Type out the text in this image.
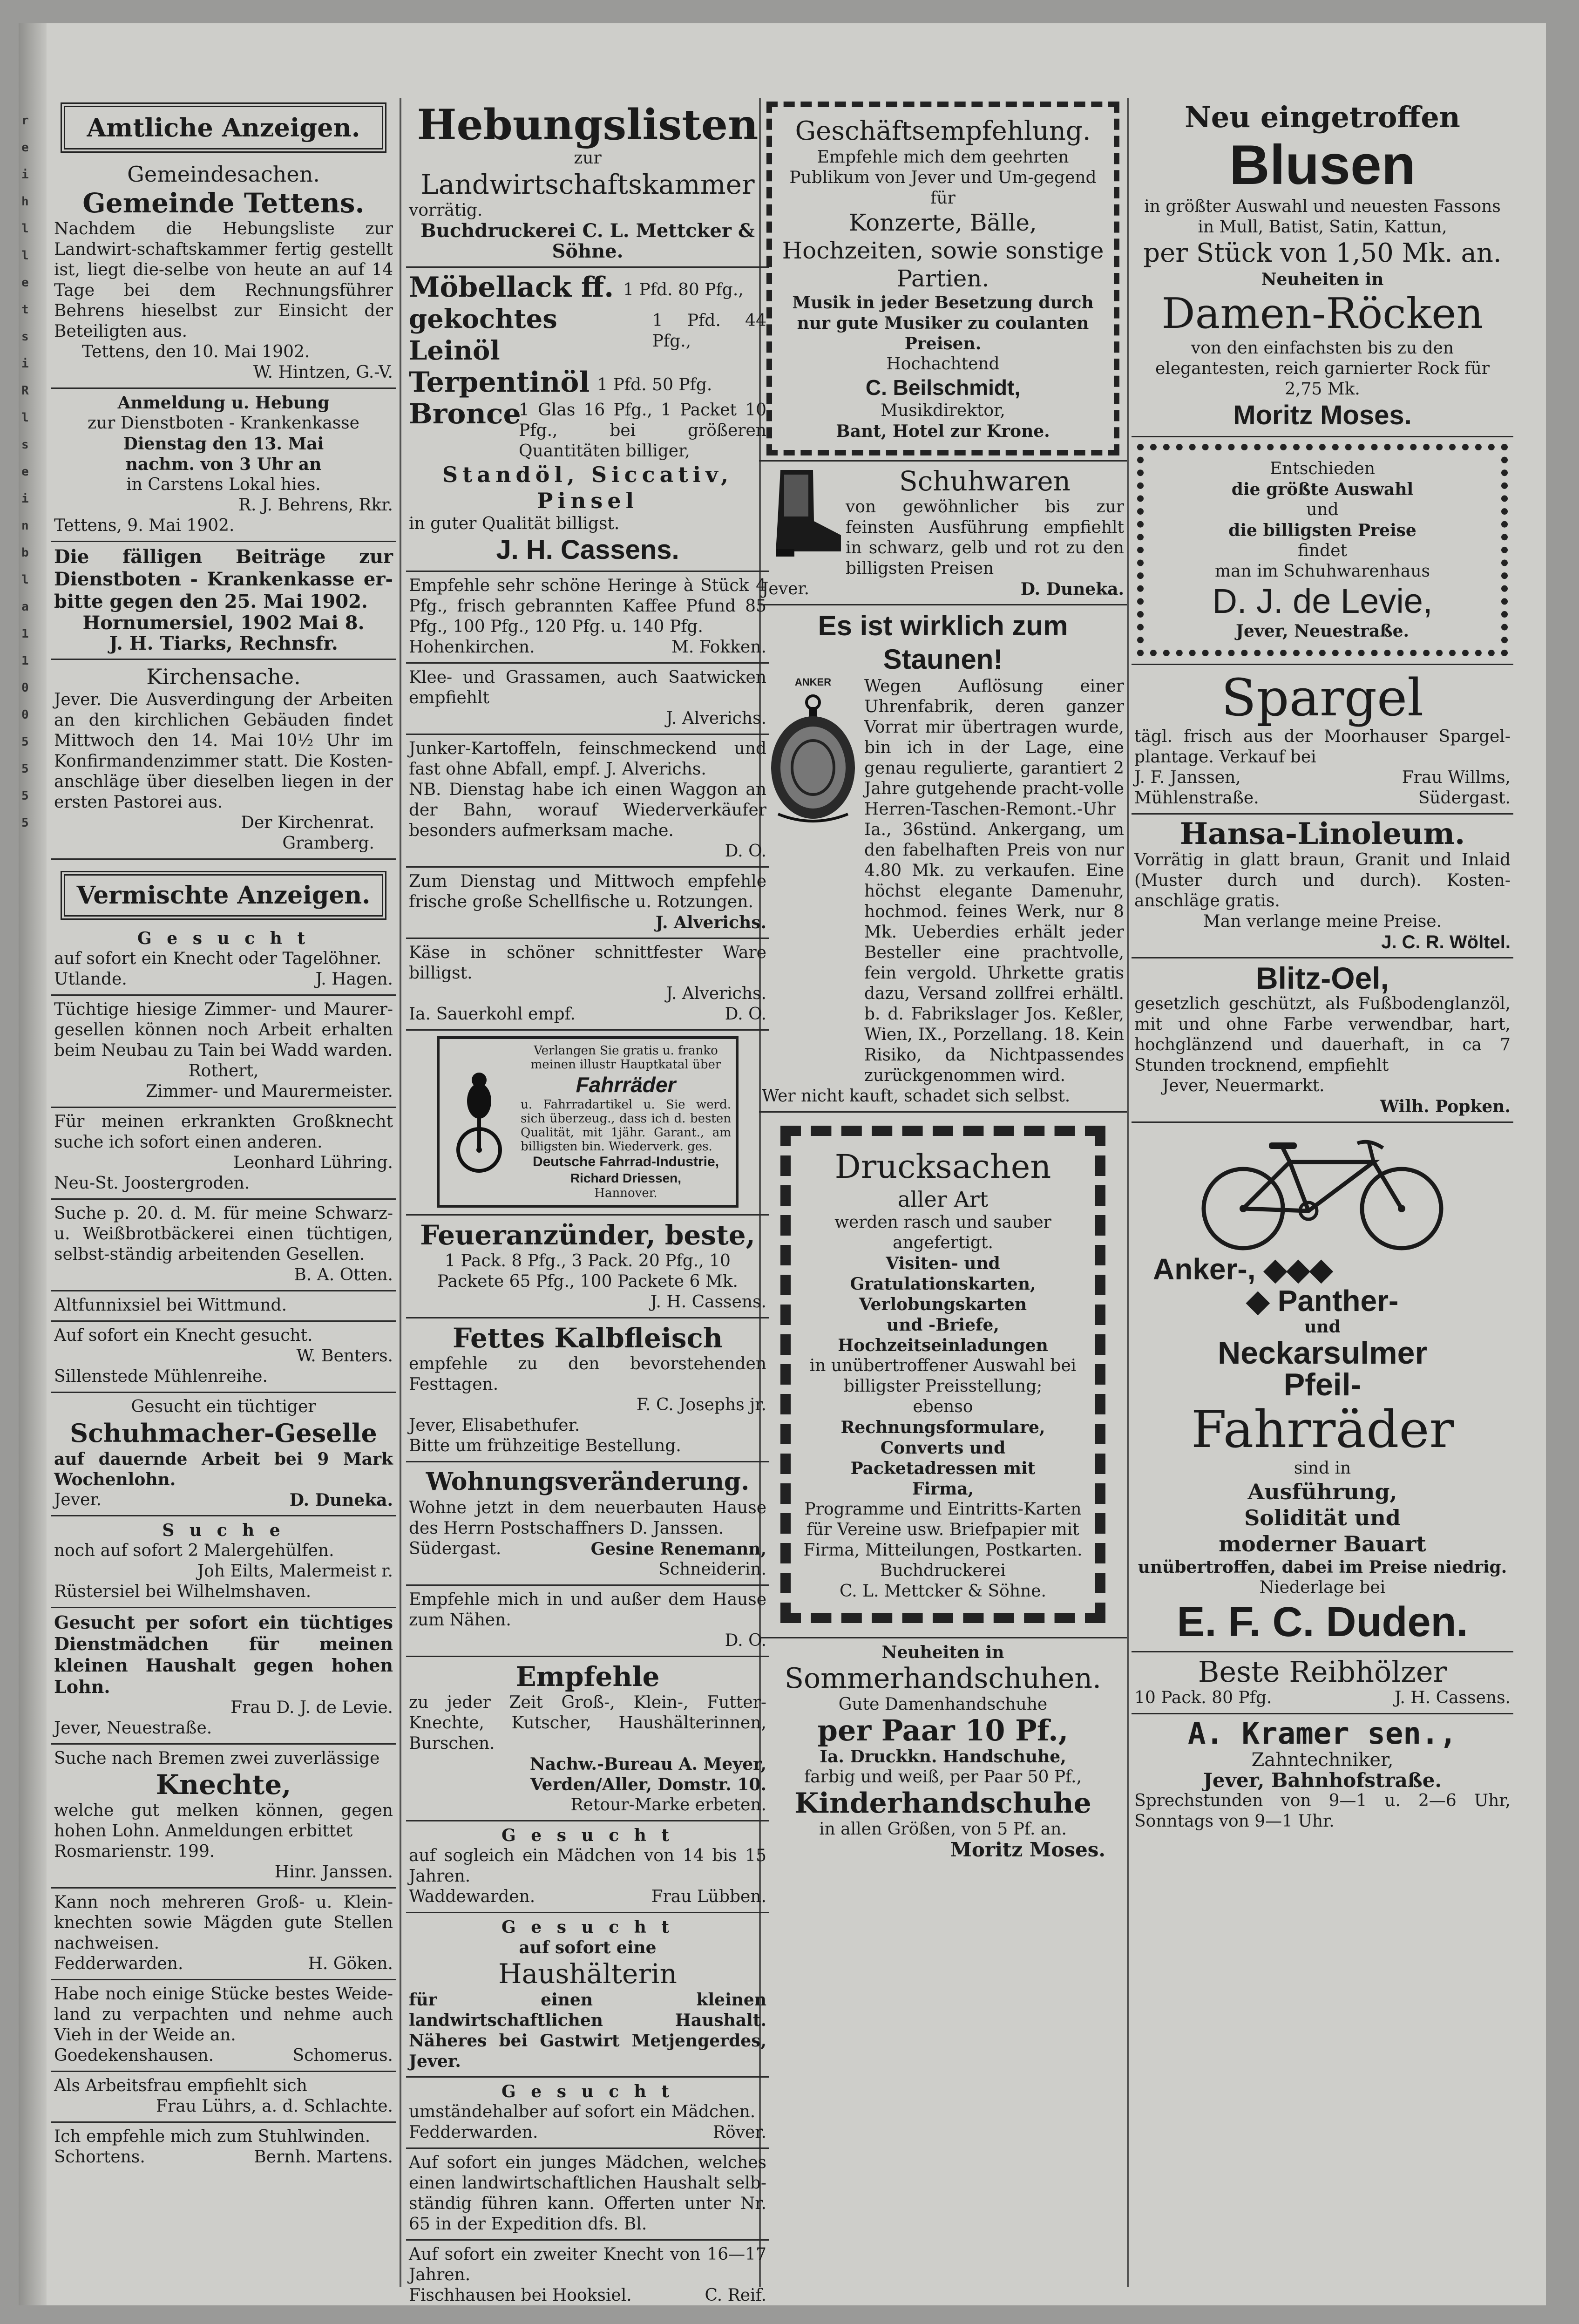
reihlletsiRlseinbla1 1 0 0 5 5 5 5
Amtliche Anzeigen.

Gemeindesachen.

Gemeinde Tettens.

Nachdem die Hebungsliste zur Landwirt-schaftskammer fertig gestellt ist, liegt die-selbe von heute an auf 14 Tage bei dem Rechnungsführer Behrens hieselbst zur Einsicht der Beteiligten aus.

Tettens, den 10. Mai 1902.

W. Hintzen, G.-V.

Anmeldung u. Hebung

zur Dienstboten - Krankenkasse

Dienstag den 13. Mai

nachm. von 3 Uhr an

in Carstens Lokal hies.

R. J. Behrens, Rkr.

Tettens, 9. Mai 1902.

Die fälligen Beiträge zur Dienstboten - Krankenkasse er-bitte gegen den 25. Mai 1902.

Hornumersiel, 1902 Mai 8.

J. H. Tiarks, Rechnsfr.

Kirchensache.

Jever. Die Ausverdingung der Arbeiten an den kirchlichen Gebäuden findet Mittwoch den 14. Mai 10½ Uhr im Konfirmandenzimmer statt. Die Kosten-anschläge über dieselben liegen in der ersten Pastorei aus.

Der Kirchenrat.

Gramberg.

Vermischte Anzeigen.

G e s u c h t

auf sofort ein Knecht oder Tagelöhner.

Utlande.	J. Hagen.

Tüchtige hiesige Zimmer- und Maurer-gesellen können noch Arbeit erhalten beim Neubau zu Tain bei Wadd warden.

Rothert,

Zimmer- und Maurermeister.

Für meinen erkrankten Großknecht suche ich sofort einen anderen.

Leonhard Lühring.

Neu-St. Joostergroden.

Suche p. 20. d. M. für meine Schwarz- u. Weißbrotbäckerei einen tüchtigen, selbst-ständig arbeitenden Gesellen.

B. A. Otten.

Altfunnixsiel bei Wittmund.

Auf sofort ein Knecht gesucht.

W. Benters.

Sillenstede Mühlenreihe.

Gesucht ein tüchtiger

Schuhmacher-Geselle

auf dauernde Arbeit bei 9 Mark Wochenlohn.

Jever.	D. Duneka.

S u c h e

noch auf sofort 2 Malergehülfen.

Joh Eilts, Malermeist r.

Rüstersiel bei Wilhelmshaven.

Gesucht per sofort ein tüchtiges Dienstmädchen für meinen kleinen Haushalt gegen hohen Lohn.

Frau D. J. de Levie.

Jever, Neuestraße.

Suche nach Bremen zwei zuverlässige

Knechte,

welche gut melken können, gegen hohen Lohn. Anmeldungen erbittet

Rosmarienstr. 199.

Hinr. Janssen.

Kann noch mehreren Groß- u. Klein-knechten sowie Mägden gute Stellen nachweisen.

Fedderwarden.	H. Göken.

Habe noch einige Stücke bestes Weide-land zu verpachten und nehme auch Vieh in der Weide an.

Goedekenshausen.	Schomerus.

Als Arbeitsfrau empfiehlt sich

Frau Lührs, a. d. Schlachte.

Ich empfehle mich zum Stuhlwinden.

Schortens.	Bernh. Martens.

Hebungslisten

zur

Landwirtschaftskammer

vorrätig.

Buchdruckerei C. L. Mettcker & Söhne.

Möbellack ff. 1 Pfd. 80 Pfg.,
gekochtes Leinöl
1 Pfd. 44 Pfg.,
Terpentinöl 1 Pfd. 50 Pfg.
Bronce
1 Glas 16 Pfg., 1 Packet 10 Pfg., bei größeren Quantitäten billiger,

Standöl, Siccativ,

Pinsel

in guter Qualität billigst.

J. H. Cassens.

Empfehle sehr schöne Heringe à Stück 4 Pfg., frisch gebrannten Kaffee Pfund 85 Pfg., 100 Pfg., 120 Pfg. u. 140 Pfg.

Hohenkirchen.	M. Fokken.

Klee- und Grassamen, auch Saatwicken empfiehlt

J. Alverichs.

Junker-Kartoffeln, feinschmeckend und fast ohne Abfall, empf. J. Alverichs.

NB. Dienstag habe ich einen Waggon an der Bahn, worauf Wiederverkäufer besonders aufmerksam mache.

D. O.

Zum Dienstag und Mittwoch empfehle frische große Schellfische u. Rotzungen.

J. Alverichs.

Käse in schöner schnittfester Ware billigst.

J. Alverichs.

Ia. Sauerkohl empf.	D. O.

Verlangen Sie gratis u. franko meinen illustr Hauptkatal über

Fahrräder

u. Fahrradartikel u. Sie werd. sich überzeug., dass ich d. besten Qualität, mit 1jähr. Garant., am billigsten bin. Wiederverk. ges.

Deutsche Fahrrad-Industrie,

Richard Driessen,

Hannover.

Feueranzünder, beste,

1 Pack. 8 Pfg., 3 Pack. 20 Pfg., 10 Packete 65 Pfg., 100 Packete 6 Mk.

J. H. Cassens.

Fettes Kalbfleisch

empfehle zu den bevorstehenden Festtagen.

F. C. Josephs jr.

Jever, Elisabethufer.

Bitte um frühzeitige Bestellung.

Wohnungsveränderung.

Wohne jetzt in dem neuerbauten Hause des Herrn Postschaffners D. Janssen.

Südergast.	Gesine Renemann,

Schneiderin.

Empfehle mich in und außer dem Hause zum Nähen.

D. O.

Empfehle

zu jeder Zeit Groß-, Klein-, Futter-Knechte, Kutscher, Haushälterinnen, Burschen.

Nachw.-Bureau A. Meyer,

Verden/Aller, Domstr. 10.

Retour-Marke erbeten.

G e s u c h t

auf sogleich ein Mädchen von 14 bis 15 Jahren.

Waddewarden.	Frau Lübben.

G e s u c h t

auf sofort eine

Haushälterin

für einen kleinen landwirtschaftlichen Haushalt. Näheres bei Gastwirt Metjengerdes, Jever.

G e s u c h t

umständehalber auf sofort ein Mädchen.

Fedderwarden.	Röver.

Auf sofort ein junges Mädchen, welches einen landwirtschaftlichen Haushalt selb-ständig führen kann. Offerten unter Nr. 65 in der Expedition dfs. Bl.

Auf sofort ein zweiter Knecht von 16—17 Jahren.

Fischhausen bei Hooksiel.	C. Reif.

Geschäftsempfehlung.

Empfehle mich dem geehrten Publikum von Jever und Um-gegend für

Konzerte, Bälle, Hochzeiten, sowie sonstige Partien.

Musik in jeder Besetzung durch nur gute Musiker zu coulanten Preisen.

Hochachtend

C. Beilschmidt,

Musikdirektor,

Bant, Hotel zur Krone.

Schuhwaren

von gewöhnlicher bis zur feinsten Ausführung empfiehlt in schwarz, gelb und rot zu den billigsten Preisen

Jever.	D. Duneka.

Es ist wirklich zum Staunen!

ANKER	Wegen Auflösung einer Uhrenfabrik, deren ganzer Vorrat mir übertragen wurde, bin ich in der Lage, eine genau regulierte, garantiert 2 Jahre gutgehende pracht-volle Herren-Taschen-Remont.-Uhr Ia., 36stünd. Ankergang, um den fabelhaften Preis von nur 4.80 Mk. zu verkaufen. Eine höchst elegante Damenuhr, hochmod. feines Werk, nur 8 Mk. Ueberdies erhält jeder Besteller eine prachtvolle, fein vergold. Uhrkette gratis dazu, Versand zollfrei erhältl. b. d. Fabrikslager Jos. Keßler, Wien, IX., Porzellang. 18. Kein Risiko, da Nichtpassendes zurückgenommen wird.

Wer nicht kauft, schadet sich selbst.

Drucksachen

aller Art

werden rasch und sauber

angefertigt.

Visiten- und

Gratulationskarten,

Verlobungskarten

und -Briefe,

Hochzeitseinladungen

in unübertroffener Auswahl bei billigster Preisstellung;

ebenso

Rechnungsformulare,

Converts und

Packetadressen mit

Firma,

Programme und Eintritts-Karten für Vereine usw. Briefpapier mit Firma, Mitteilungen, Postkarten.

Buchdruckerei

C. L. Mettcker & Söhne.

Neuheiten in

Sommerhandschuhen.

Gute Damenhandschuhe

per Paar 10 Pf.,

Ia. Druckkn. Handschuhe,

farbig und weiß, per Paar 50 Pf.,

Kinderhandschuhe

in allen Größen, von 5 Pf. an.

Moritz Moses.

Neu eingetroffen

Blusen

in größter Auswahl und neuesten Fassons in Mull, Batist, Satin, Kattun,

per Stück von 1,50 Mk. an.

Neuheiten in

Damen-Röcken

von den einfachsten bis zu den elegantesten, reich garnierter Rock für 2,75 Mk.

Moritz Moses.

Entschieden

die größte Auswahl

und

die billigsten Preise

findet

man im Schuhwarenhaus

D. J. de Levie,

Jever, Neuestraße.

Spargel

tägl. frisch aus der Moorhauser Spargel-plantage. Verkauf bei

J. F. Janssen,	Frau Willms,
Mühlenstraße.	Südergast.

Hansa-Linoleum.

Vorrätig in glatt braun, Granit und Inlaid (Muster durch und durch). Kosten-anschläge gratis.

Man verlange meine Preise.

J. C. R. Wöltel.

Blitz-Oel,

gesetzlich geschützt, als Fußbodenglanzöl, mit und ohne Farbe verwendbar, hart, hochglänzend und dauerhaft, in ca 7 Stunden trocknend, empfiehlt

Jever, Neuermarkt.

Wilh. Popken.

Anker-, ◆◆◆

◆ Panther-

und

Neckarsulmer

Pfeil-

Fahrräder

sind in

Ausführung,

Solidität und

moderner Bauart

unübertroffen, dabei im Preise niedrig.

Niederlage bei

E. F. C. Duden.

Beste Reibhölzer

10 Pack. 80 Pfg.	J. H. Cassens.

A. Kramer sen.,

Zahntechniker,

Jever, Bahnhofstraße.

Sprechstunden von 9—1 u. 2—6 Uhr, Sonntags von 9—1 Uhr.
